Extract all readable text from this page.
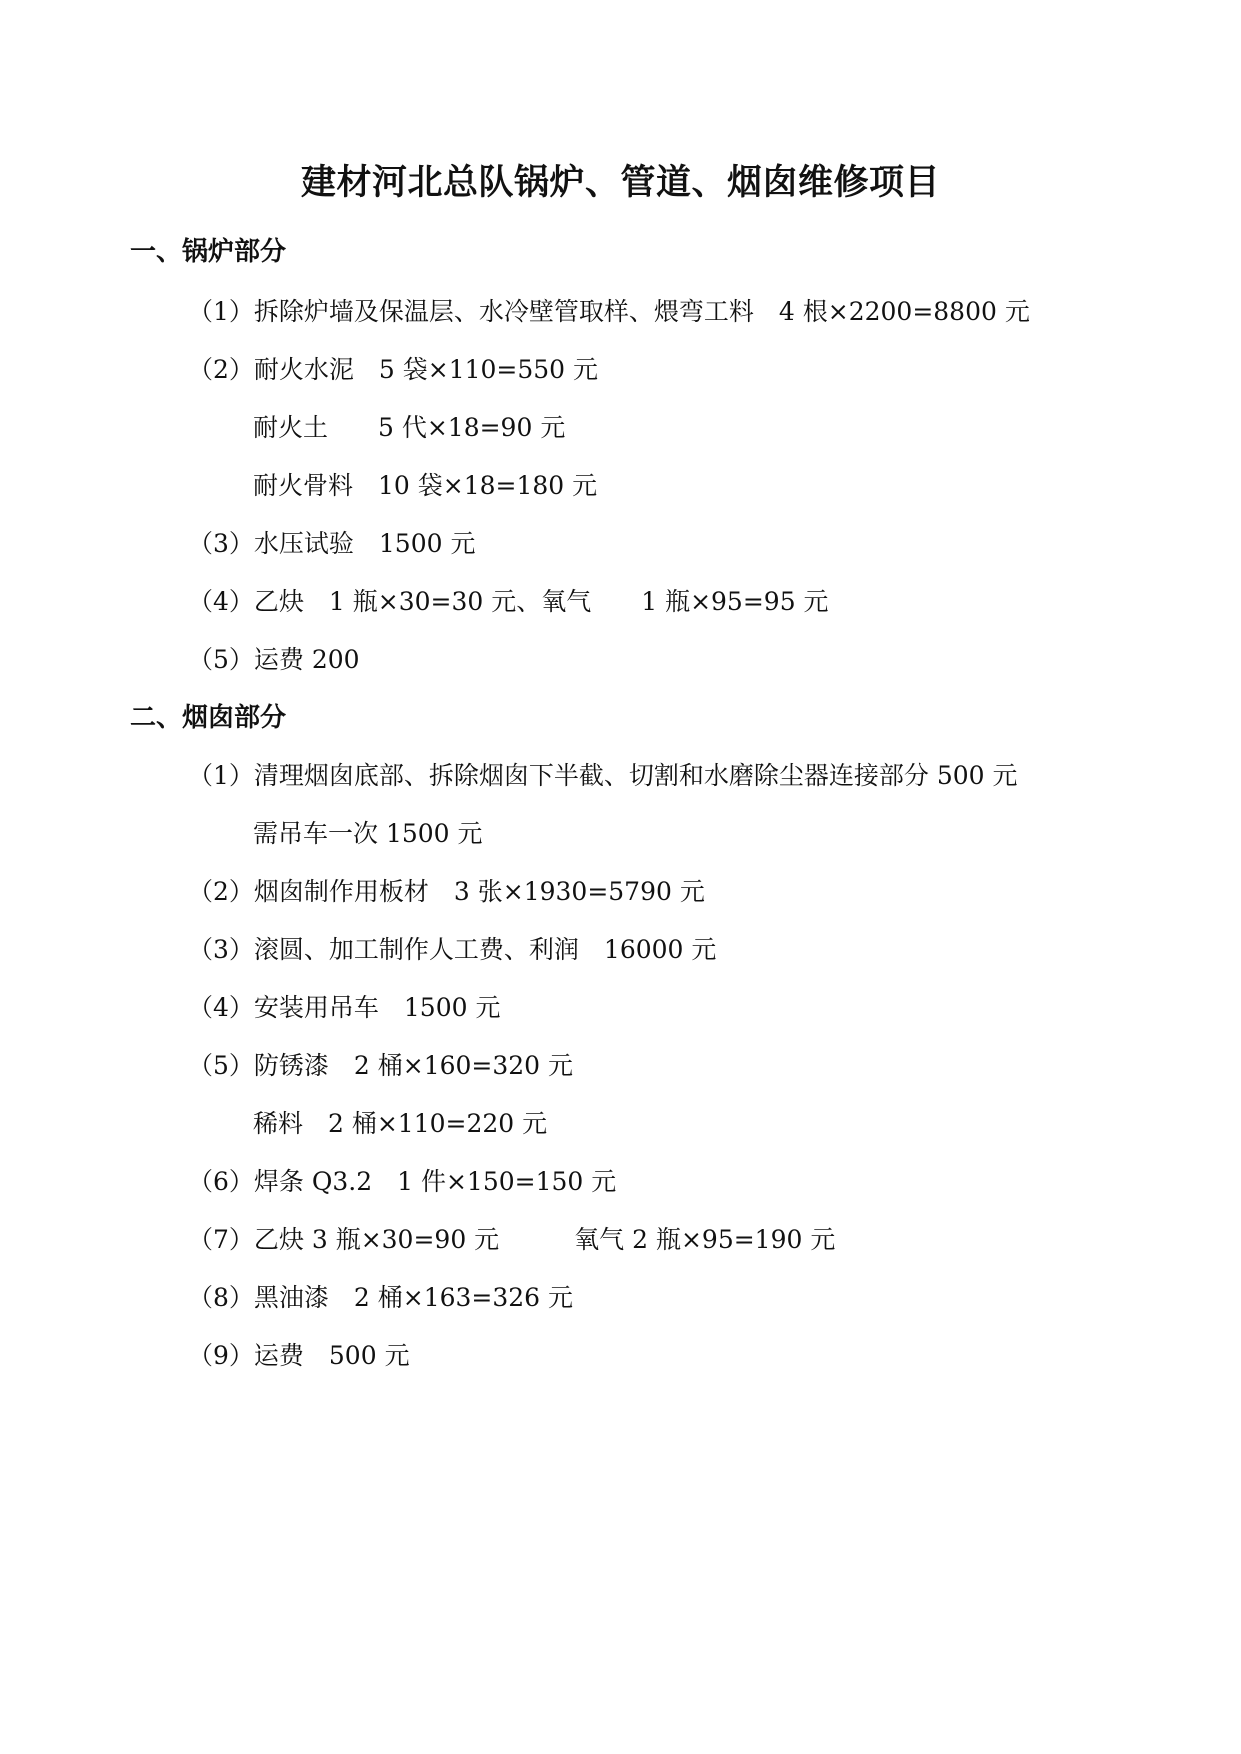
建材河北总队锅炉、管道、烟囱维修项目
一、锅炉部分

（1）拆除炉墙及保温层、水冷壁管取样、煨弯工料　4 根×2200=8800 元

（2）耐火水泥　5 袋×110=550 元

耐火土　　5 代×18=90 元

耐火骨料　10 袋×18=180 元

（3）水压试验　1500 元

（4）乙炔　1 瓶×30=30 元、氧气　　1 瓶×95=95 元

（5）运费 200

二、烟囱部分

（1）清理烟囱底部、拆除烟囱下半截、切割和水磨除尘器连接部分 500 元

需吊车一次 1500 元

（2）烟囱制作用板材　3 张×1930=5790 元

（3）滚圆、加工制作人工费、利润　16000 元

（4）安装用吊车　1500 元

（5）防锈漆　2 桶×160=320 元

稀料　2 桶×110=220 元

（6）焊条 Q3.2　1 件×150=150 元

（7）乙炔 3 瓶×30=90 元　　　氧气 2 瓶×95=190 元

（8）黑油漆　2 桶×163=326 元

（9）运费　500 元
